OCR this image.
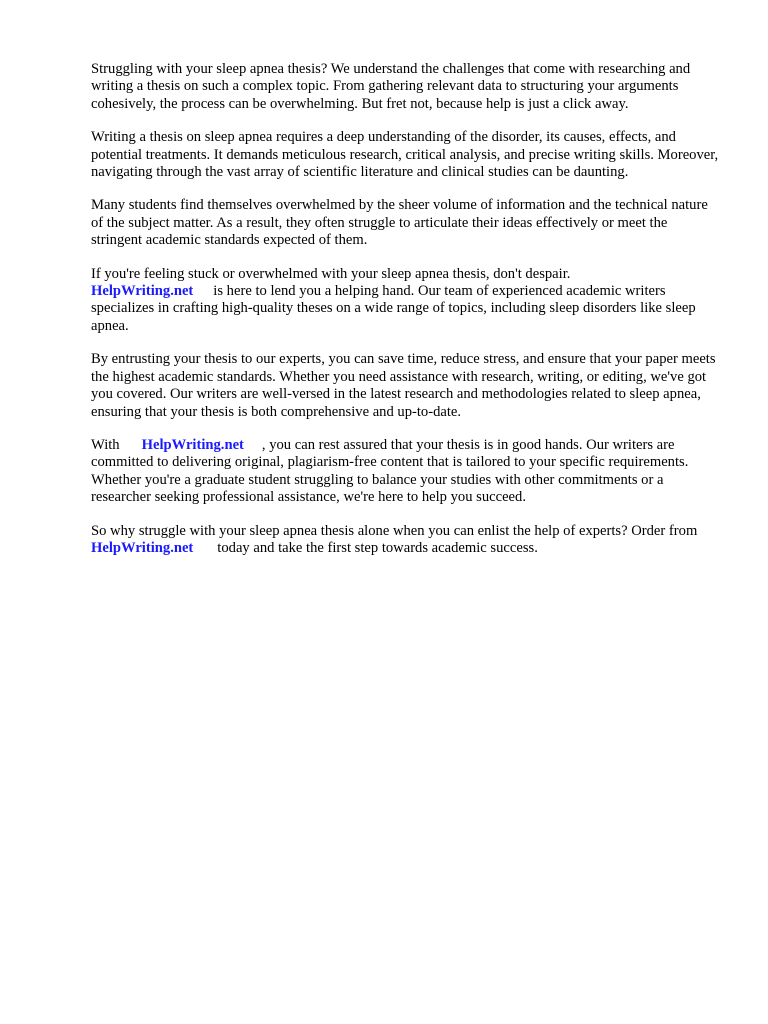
Struggling with your sleep apnea thesis? We understand the challenges that come with researching and writing a thesis on such a complex topic. From gathering relevant data to structuring your arguments cohesively, the process can be overwhelming. But fret not, because help is just a click away.

Writing a thesis on sleep apnea requires a deep understanding of the disorder, its causes, effects, and potential treatments. It demands meticulous research, critical analysis, and precise writing skills. Moreover, navigating through the vast array of scientific literature and clinical studies can be daunting.

Many students find themselves overwhelmed by the sheer volume of information and the technical nature of the subject matter. As a result, they often struggle to articulate their ideas effectively or meet the stringent academic standards expected of them.

If you're feeling stuck or overwhelmed with your sleep apnea thesis, don't despair.
HelpWriting.net is here to lend you a helping hand. Our team of experienced academic writers specializes in crafting high-quality theses on a wide range of topics, including sleep disorders like sleep apnea.

By entrusting your thesis to our experts, you can save time, reduce stress, and ensure that your paper meets the highest academic standards. Whether you need assistance with research, writing, or editing, we've got you covered. Our writers are well-versed in the latest research and methodologies related to sleep apnea, ensuring that your thesis is both comprehensive and up-to-date.

With HelpWriting.net , you can rest assured that your thesis is in good hands. Our writers are committed to delivering original, plagiarism-free content that is tailored to your specific requirements. Whether you're a graduate student struggling to balance your studies with other commitments or a researcher seeking professional assistance, we're here to help you succeed.

So why struggle with your sleep apnea thesis alone when you can enlist the help of experts? Order fromHelpWriting.net today and take the first step towards academic success.
